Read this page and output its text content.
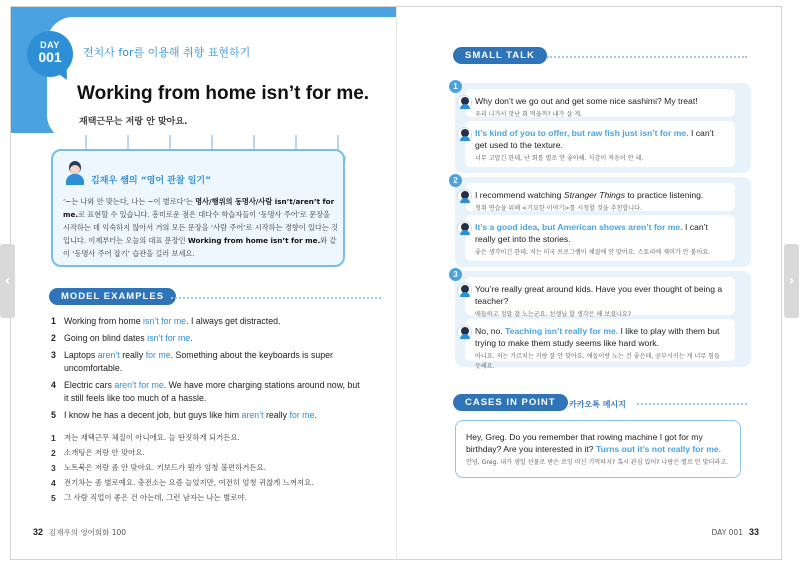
‹	›
DAY
001	전치사 for를 이용해 취향 표현하기
Working from home isn’t for me.
재택근무는 저랑 안 맞아요.
김재우 쌤의 “영어 관찰 일기”
‘~는 나와 안 맞는다, 나는 ~이 별로다’는 명사/행위의 동명사/사람 isn’t/aren’t for me.로 표현할 수 있습니다. 흥미로운 점은 대다수 학습자들이 ‘동명사 주어’로 문장을 시작하는 데 익숙하지 않아서 거의 모든 문장을 ‘사람 주어’로 시작하는 경향이 있다는 것입니다. 이제부터는 오늘의 대표 문장인 Working from home isn’t for me.와 같이 ‘동명사 주어 잡기’ 습관을 길러 보세요.
MODEL EXAMPLES
1 Working from home isn’t for me. I always get distracted.
2 Going on blind dates isn’t for me.
3 Laptops aren’t really for me. Something about the keyboards is super uncomfortable.
4 Electric cars aren’t for me. We have more charging stations around now, but it still feels like too much of a hassle.
5 I know he has a decent job, but guys like him aren’t really for me.
1 저는 재택근무 체질이 아니에요. 늘 딴짓하게 되거든요.
2 소개팅은 저랑 안 맞아요.
3 노트북은 저랑 좀 안 맞아요. 키보드가 뭔가 엄청 불편하거든요.
4 전기차는 좀 별로예요. 충전소는 요즘 늘었지만, 여전히 엄청 귀찮게 느껴져요.
5 그 사람 직업이 좋은 건 아는데, 그런 남자는 나는 별로야.
32 김재우의 영어회화 100
SMALL TALK
1
Why don’t we go out and get some nice sashimi? My treat!
우리 나가서 맛난 회 먹을까? 내가 살 게.
It’s kind of you to offer, but raw fish just isn’t for me. I can’t get used to the texture.
너무 고맙긴 한데, 난 회를 별로 안 좋아해. 식감이 적응이 안 돼.
2
I recommend watching Stranger Things to practice listening.
청취 연습을 위해 <기묘한 이야기>를 시청할 것을 추천합니다.
It’s a good idea, but American shows aren’t for me. I can’t really get into the stories.
좋은 생각이긴 한데, 저는 미국 프로그램이 체질에 안 맞아요. 스토리에 재미가 안 붙어요.
3
You’re really great around kids. Have you ever thought of being a teacher?
애들하고 정말 잘 노는군요. 선생님 할 생각은 해 보셨나요?
No, no. Teaching isn’t really for me. I like to play with them but trying to make them study seems like hard work.
아니요. 저는 가르치는 거랑 잘 안 맞아요. 애들이랑 노는 건 좋은데, 공부시키는 게 너무 힘들 듯해요.
CASES IN POINT	카카오톡 메시지
Hey, Greg. Do you remember that rowing machine I got for my birthday? Are you interested in it? Turns out it’s not really for me.
안녕, Greg. 내가 생일 선물로 받은 로잉 머신 기억하지? 혹시 관심 있어? 나랑은 별로 안 맞더라고.
DAY 001 33
